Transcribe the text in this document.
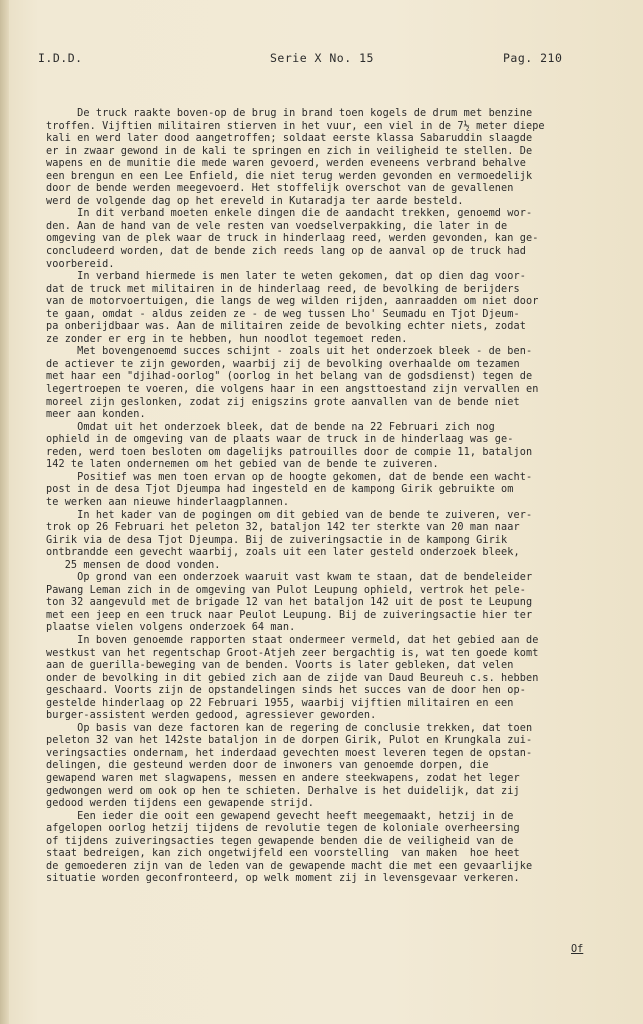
I.D.D.	Serie X No. 15	Pag. 210
De truck raakte boven-op de brug in brand toen kogels de drum met benzine
troffen. Vijftien militairen stierven in het vuur, een viel in de 7½ meter diepe
kali en werd later dood aangetroffen; soldaat eerste klassa Sabaruddin slaagde
er in zwaar gewond in de kali te springen en zich in veiligheid te stellen. De
wapens en de munitie die mede waren gevoerd, werden eveneens verbrand behalve
een brengun en een Lee Enfield, die niet terug werden gevonden en vermoedelijk
door de bende werden meegevoerd. Het stoffelijk overschot van de gevallenen
werd de volgende dag op het ereveld in Kutaradja ter aarde besteld.
In dit verband moeten enkele dingen die de aandacht trekken, genoemd wor-
den. Aan de hand van de vele resten van voedselverpakking, die later in de
omgeving van de plek waar de truck in hinderlaag reed, werden gevonden, kan ge-
concludeerd worden, dat de bende zich reeds lang op de aanval op de truck had
voorbereid.
In verband hiermede is men later te weten gekomen, dat op dien dag voor-
dat de truck met militairen in de hinderlaag reed, de bevolking de berijders
van de motorvoertuigen, die langs de weg wilden rijden, aanraadden om niet door
te gaan, omdat - aldus zeiden ze - de weg tussen Lho' Seumadu en Tjot Djeum-
pa onberijdbaar was. Aan de militairen zeide de bevolking echter niets, zodat
ze zonder er erg in te hebben, hun noodlot tegemoet reden.
Met bovengenoemd succes schijnt - zoals uit het onderzoek bleek - de ben-
de actiever te zijn geworden, waarbij zij de bevolking overhaalde om tezamen
met haar een "djihad-oorlog" (oorlog in het belang van de godsdienst) tegen de
legertroepen te voeren, die volgens haar in een angsttoestand zijn vervallen en
moreel zijn geslonken, zodat zij enigszins grote aanvallen van de bende niet
meer aan konden.
Omdat uit het onderzoek bleek, dat de bende na 22 Februari zich nog
ophield in de omgeving van de plaats waar de truck in de hinderlaag was ge-
reden, werd toen besloten om dagelijks patrouilles door de compie 11, bataljon
142 te laten ondernemen om het gebied van de bende te zuiveren.
Positief was men toen ervan op de hoogte gekomen, dat de bende een wacht-
post in de desa Tjot Djeumpa had ingesteld en de kampong Girik gebruikte om
te werken aan nieuwe hinderlaagplannen.
In het kader van de pogingen om dit gebied van de bende te zuiveren, ver-
trok op 26 Februari het peleton 32, bataljon 142 ter sterkte van 20 man naar
Girik via de desa Tjot Djeumpa. Bij de zuiveringsactie in de kampong Girik
ontbrandde een gevecht waarbij, zoals uit een later gesteld onderzoek bleek,
25 mensen de dood vonden.
Op grond van een onderzoek waaruit vast kwam te staan, dat de bendeleider
Pawang Leman zich in de omgeving van Pulot Leupung ophield, vertrok het pele-
ton 32 aangevuld met de brigade 12 van het bataljon 142 uit de post te Leupung
met een jeep en een truck naar Peulot Leupung. Bij de zuiveringsactie hier ter
plaatse vielen volgens onderzoek 64 man.
In boven genoemde rapporten staat ondermeer vermeld, dat het gebied aan de
westkust van het regentschap Groot-Atjeh zeer bergachtig is, wat ten goede komt
aan de guerilla-beweging van de benden. Voorts is later gebleken, dat velen
onder de bevolking in dit gebied zich aan de zijde van Daud Beureuh c.s. hebben
geschaard. Voorts zijn de opstandelingen sinds het succes van de door hen op-
gestelde hinderlaag op 22 Februari 1955, waarbij vijftien militairen en een
burger-assistent werden gedood, agressiever geworden.
Op basis van deze factoren kan de regering de conclusie trekken, dat toen
peleton 32 van het 142ste bataljon in de dorpen Girik, Pulot en Krungkala zui-
veringsacties ondernam, het inderdaad gevechten moest leveren tegen de opstan-
delingen, die gesteund werden door de inwoners van genoemde dorpen, die
gewapend waren met slagwapens, messen en andere steekwapens, zodat het leger
gedwongen werd om ook op hen te schieten. Derhalve is het duidelijk, dat zij
gedood werden tijdens een gewapende strijd.
Een ieder die ooit een gewapend gevecht heeft meegemaakt, hetzij in de
afgelopen oorlog hetzij tijdens de revolutie tegen de koloniale overheersing
of tijdens zuiveringsacties tegen gewapende benden die de veiligheid van de
staat bedreigen, kan zich ongetwijfeld een voorstelling  van maken  hoe heet
de gemoederen zijn van de leden van de gewapende macht die met een gevaarlijke
situatie worden geconfronteerd, op welk moment zij in levensgevaar verkeren.
Of
